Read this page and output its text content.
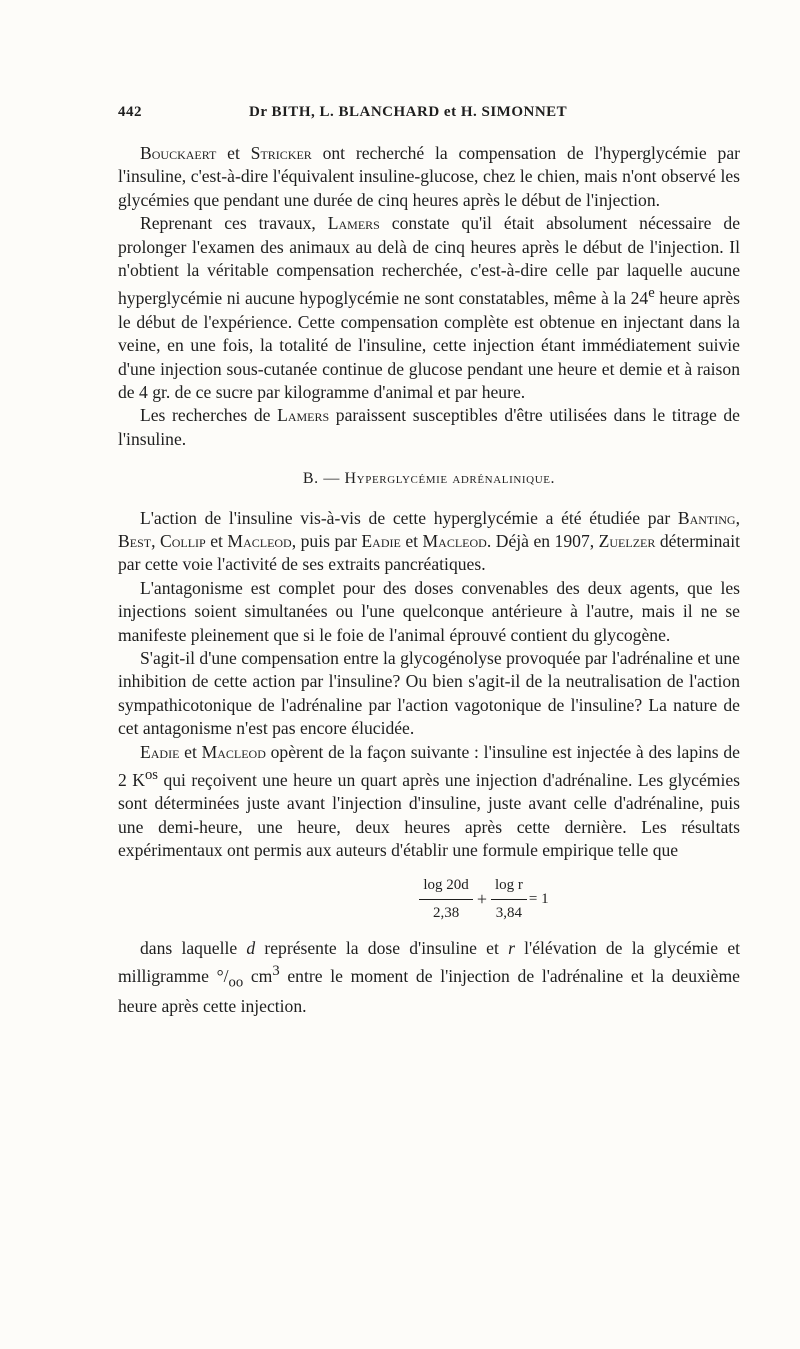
442	Dr BITH, L. BLANCHARD et H. SIMONNET

Bouckaert et Stricker ont recherché la compensation de l'hyperglycémie par l'insuline, c'est-à-dire l'équivalent insuline-glucose, chez le chien, mais n'ont observé les glycémies que pendant une durée de cinq heures après le début de l'injection.

Reprenant ces travaux, Lamers constate qu'il était absolument nécessaire de prolonger l'examen des animaux au delà de cinq heures après le début de l'injection. Il n'obtient la véritable compensation recherchée, c'est-à-dire celle par laquelle aucune hyperglycémie ni aucune hypoglycémie ne sont constatables, même à la 24e heure après le début de l'expérience. Cette compensation complète est obtenue en injectant dans la veine, en une fois, la totalité de l'insuline, cette injection étant immédiatement suivie d'une injection sous-cutanée continue de glucose pendant une heure et demie et à raison de 4 gr. de ce sucre par kilogramme d'animal et par heure.

Les recherches de Lamers paraissent susceptibles d'être utilisées dans le titrage de l'insuline.

B. — Hyperglycémie adrénalinique.

L'action de l'insuline vis-à-vis de cette hyperglycémie a été étudiée par Banting, Best, Collip et Macleod, puis par Eadie et Macleod. Déjà en 1907, Zuelzer déterminait par cette voie l'activité de ses extraits pancréatiques.

L'antagonisme est complet pour des doses convenables des deux agents, que les injections soient simultanées ou l'une quelconque antérieure à l'autre, mais il ne se manifeste pleinement que si le foie de l'animal éprouvé contient du glycogène.

S'agit-il d'une compensation entre la glycogénolyse provoquée par l'adrénaline et une inhibition de cette action par l'insuline? Ou bien s'agit-il de la neutralisation de l'action sympathicotonique de l'adrénaline par l'action vagotonique de l'insuline? La nature de cet antagonisme n'est pas encore élucidée.

Eadie et Macleod opèrent de la façon suivante : l'insuline est injectée à des lapins de 2 $K^{os}$ qui reçoivent une heure un quart après une injection d'adrénaline. Les glycémies sont déterminées juste avant l'injection d'insuline, juste avant celle d'adrénaline, puis une demi-heure, une heure, deux heures après cette dernière. Les résultats expérimentaux ont permis aux auteurs d'établir une formule empirique telle que

$\frac{\log 20d}{2,38} + \frac{\text{log r}}{3,84} = 1$

dans laquelle d représente la dose d'insuline et r l'élévation de la glycémie et milligramme $^\circ/_{oo}$ $cm^3$ entre le moment de l'injection de l'adrénaline et la deuxième heure après cette injection.
